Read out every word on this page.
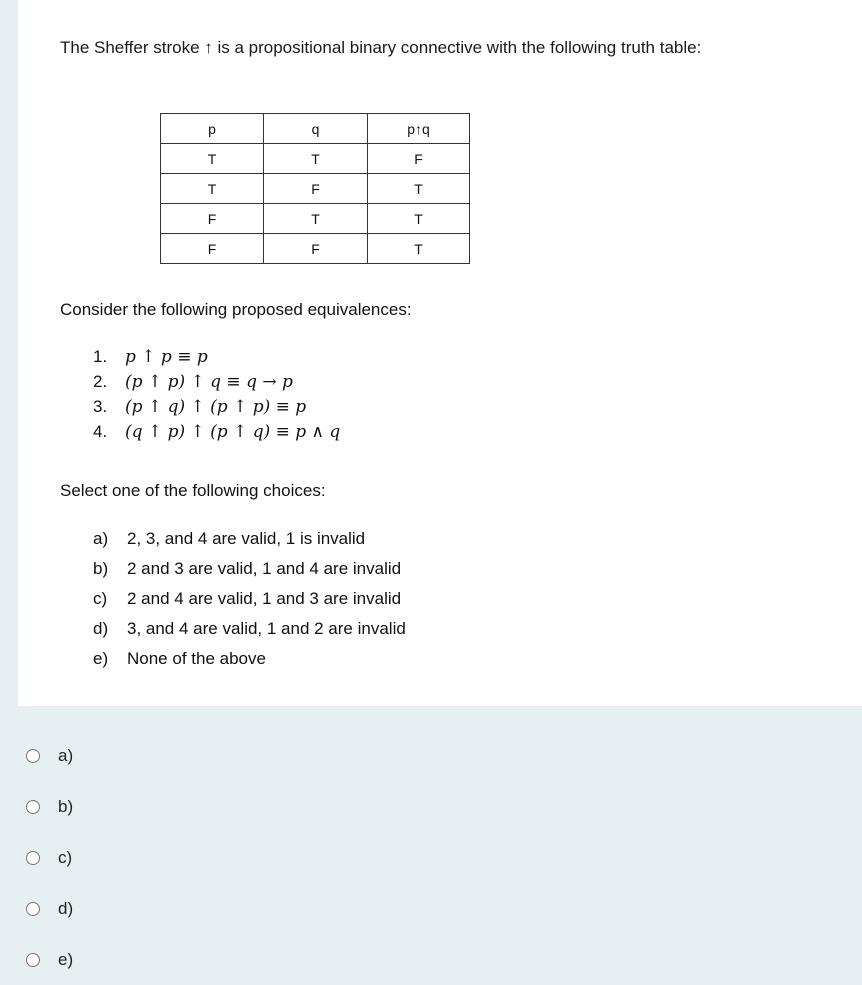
The Sheffer stroke ↑ is a propositional binary connective with the following truth table:
p	q	p↑q
T	T	F
T	F	T
F	T	T
F	F	T
Consider the following proposed equivalences:
1. p ↑ p ≡ p
2. (p ↑ p) ↑ q ≡ q → p
3. (p ↑ q) ↑ (p ↑ p) ≡ p
4. (q ↑ p) ↑ (p ↑ q) ≡ p ∧ q
Select one of the following choices:
a) 2, 3, and 4 are valid, 1 is invalid
b) 2 and 3 are valid, 1 and 4 are invalid
c) 2 and 4 are valid, 1 and 3 are invalid
d) 3, and 4 are valid, 1 and 2 are invalid
e) None of the above
a)
b)
c)
d)
e)
